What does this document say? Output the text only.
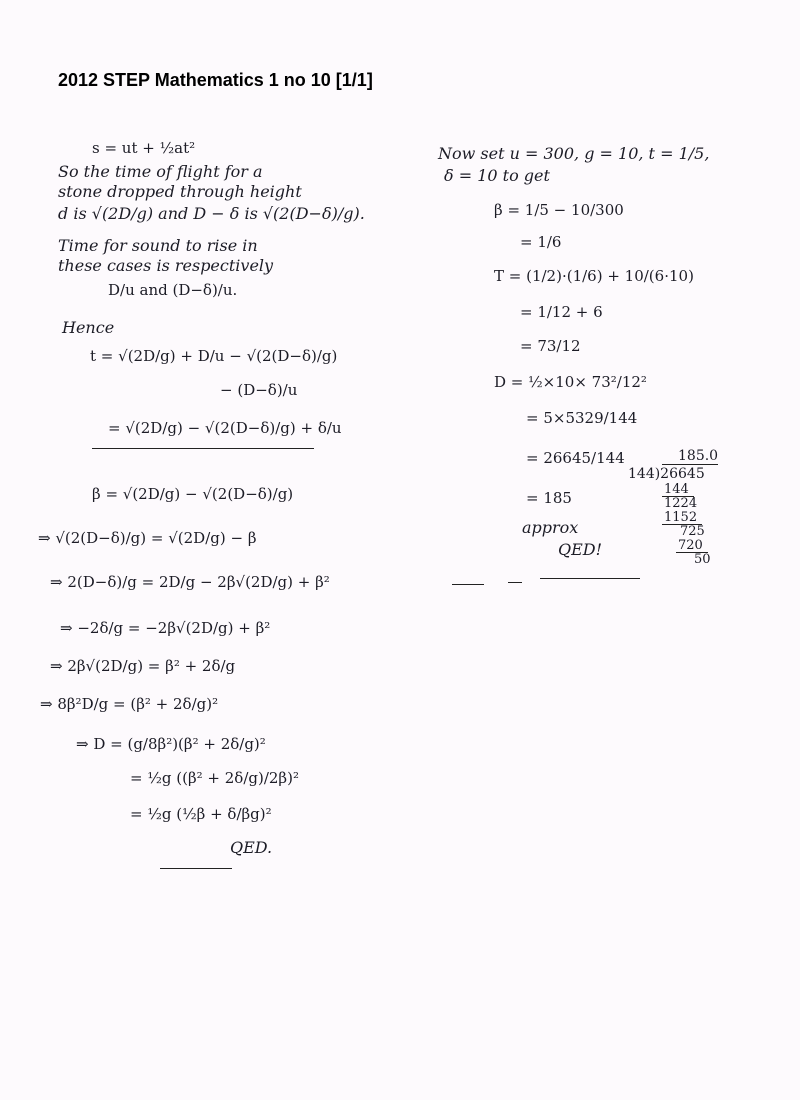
2012 STEP Mathematics 1 no 10 [1/1]
s = ut + ½at²
So the time of flight for a
stone dropped through height
d is √(2D/g) and D − δ is √(2(D−δ)/g).
Time for sound to rise in
these cases is respectively
D/u and (D−δ)/u.
Hence
t = √(2D/g) + D/u − √(2(D−δ)/g)
− (D−δ)/u
= √(2D/g) − √(2(D−δ)/g) + δ/u
β = √(2D/g) − √(2(D−δ)/g)
⇒ √(2(D−δ)/g) = √(2D/g) − β
⇒ 2(D−δ)/g = 2D/g − 2β√(2D/g) + β²
⇒ −2δ/g = −2β√(2D/g) + β²
⇒ 2β√(2D/g) = β² + 2δ/g
⇒ 8β²D/g = (β² + 2δ/g)²
⇒ D = (g/8β²)(β² + 2δ/g)²
= ½g ((β² + 2δ/g)/2β)²
= ½g (½β + δ/βg)²
QED.
Now set u = 300, g = 10, t = 1/5,
δ = 10 to get
β = 1/5 − 10/300
= 1/6
T = (1/2)·(1/6) + 10/(6·10)
= 1/12 + 6
= 73/12
D = ½×10× 73²/12²
= 5×5329/144
= 26645/144
= 185
approx
QED!
185.0
144)26645
144
1224
1152
725
720
50
